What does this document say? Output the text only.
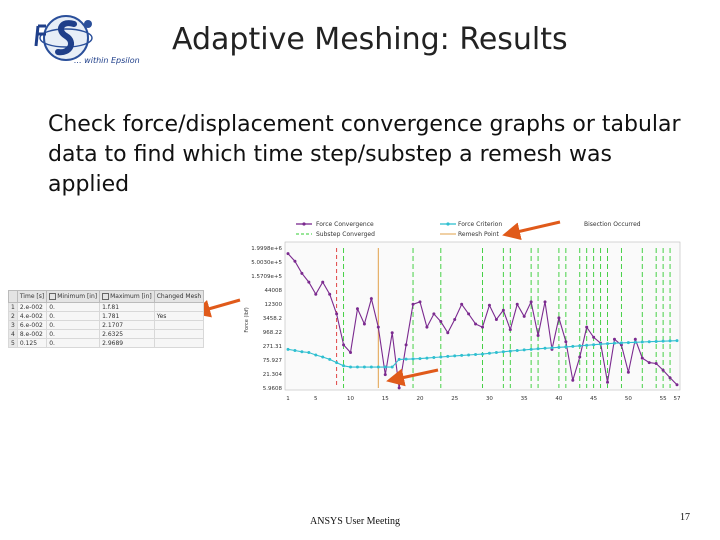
... within Epsilon
Adaptive Meshing: Results
Check force/displacement convergence graphs or tabular data to find which time step/substep a remesh was applied
Force Convergence	Force Criterion	Bisection Occurred
Substep Converged	Remesh Point
Force (lbf)
1.9998e+6
5.0030e+5
1.5709e+5
44008
12300
3458.2
968.22
271.31
75.927
21.304
5.9608
1	5	10	15	20	25	30	35	40	45	50	55 57
	Time [s]	Minimum [in]	Maximum [in]	Changed Mesh
1	2.e-002	0.	1.f.81	
2	4.e-002	0.	1.781	Yes
3	6.e-002	0.	2.1707	
4	8.e-002	0.	2.6325	
5	0.125	0.	2.9689	
ANSYS User Meeting	17
